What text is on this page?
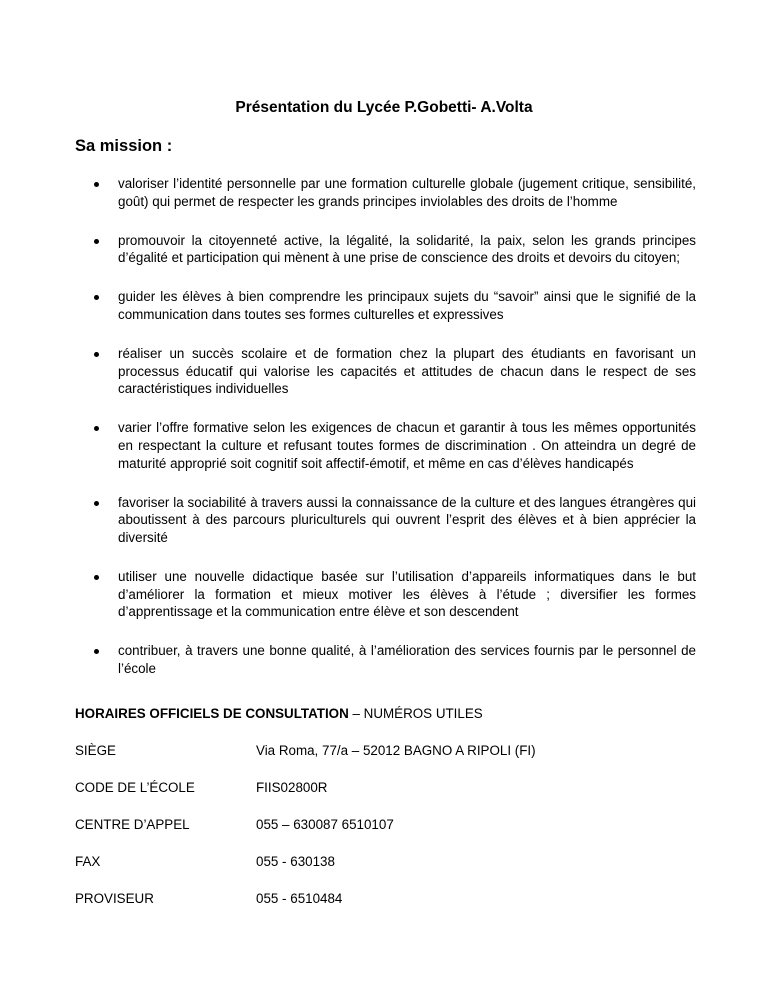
Présentation du Lycée P.Gobetti- A.Volta
Sa mission :
valoriser l’identité personnelle par une formation culturelle globale (jugement critique, sensibilité, goût) qui permet de respecter les grands principes inviolables des droits de l’homme
promouvoir la citoyenneté active, la légalité, la solidarité, la paix, selon les grands principes d’égalité et participation qui mènent à une prise de conscience des droits et devoirs du citoyen;
guider les élèves à bien comprendre les principaux sujets du “savoir” ainsi que le signifié de la communication dans toutes ses formes culturelles et expressives
réaliser un succès scolaire et de formation chez la plupart des étudiants en favorisant un processus éducatif qui valorise les capacités et attitudes de chacun dans le respect de ses caractéristiques individuelles
varier l’offre formative selon les exigences de chacun et garantir à tous les mêmes opportunités en respectant la culture et refusant toutes formes de discrimination . On atteindra un degré de maturité approprié soit cognitif soit affectif-émotif, et même en cas d’élèves handicapés
favoriser la sociabilité à travers aussi la connaissance de la culture et des langues étrangères qui aboutissent à des parcours pluriculturels qui ouvrent l’esprit des élèves et à bien apprécier la diversité
utiliser une nouvelle didactique basée sur l’utilisation d’appareils informatiques dans le but d’améliorer la formation et mieux motiver les élèves à l’étude ; diversifier les formes d’apprentissage et la communication entre élève et son descendent
contribuer, à travers une bonne qualité, à l’amélioration des services fournis par le personnel de l’école
HORAIRES OFFICIELS DE CONSULTATION – NUMÉROS UTILES
SIÈGE	Via Roma, 77/a – 52012 BAGNO A RIPOLI (FI)
CODE DE L’ÉCOLE	FIIS02800R
CENTRE D’APPEL	055 – 630087 6510107
FAX	055 - 630138
PROVISEUR	055 - 6510484
